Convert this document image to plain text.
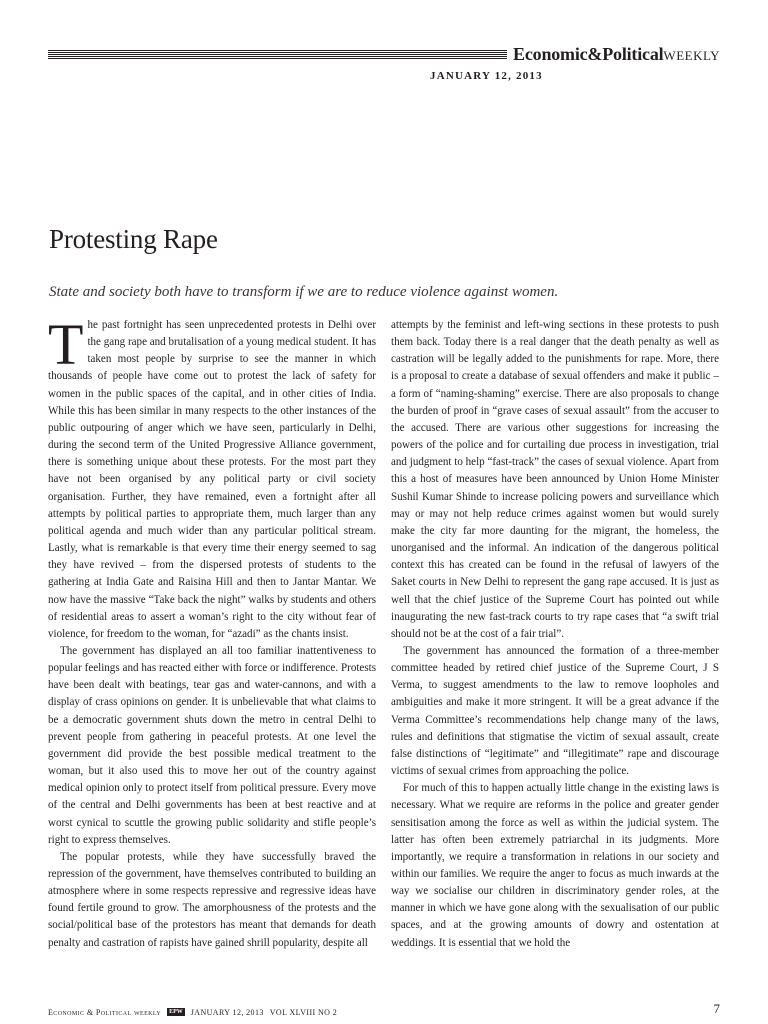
Economic&PoliticalWEEKLY
JANUARY 12, 2013
Protesting Rape

State and society both have to transform if we are to reduce violence against women.

The past fortnight has seen unprecedented protests in Delhi over the gang rape and brutalisation of a young medical student. It has taken most people by surprise to see the manner in which thousands of people have come out to protest the lack of safety for women in the public spaces of the capital, and in other cities of India. While this has been similar in many respects to the other instances of the public outpouring of anger which we have seen, particularly in Delhi, during the second term of the United Progressive Alliance government, there is something unique about these protests. For the most part they have not been organised by any political party or civil society organisation. Further, they have remained, even a fortnight after all attempts by political parties to appropriate them, much larger than any political agenda and much wider than any particular political stream. Lastly, what is remarkable is that every time their energy seemed to sag they have revived – from the dispersed protests of students to the gathering at India Gate and Raisina Hill and then to Jantar Mantar. We now have the massive “Take back the night” walks by students and others of residential areas to assert a woman’s right to the city without fear of violence, for freedom to the woman, for “azadi” as the chants insist.

The government has displayed an all too familiar inattentiveness to popular feelings and has reacted either with force or indifference. Protests have been dealt with beatings, tear gas and water-cannons, and with a display of crass opinions on gender. It is unbelievable that what claims to be a democratic government shuts down the metro in central Delhi to prevent people from gathering in peaceful protests. At one level the government did provide the best possible medical treatment to the woman, but it also used this to move her out of the country against medical opinion only to protect itself from political pressure. Every move of the central and Delhi governments has been at best reactive and at worst cynical to scuttle the growing public solidarity and stifle people’s right to express themselves.

The popular protests, while they have successfully braved the repression of the government, have themselves contributed to building an atmosphere where in some respects repressive and regressive ideas have found fertile ground to grow. The amorphousness of the protests and the social/political base of the protestors has meant that demands for death penalty and castration of rapists have gained shrill popularity, despite all

attempts by the feminist and left-wing sections in these protests to push them back. Today there is a real danger that the death penalty as well as castration will be legally added to the punishments for rape. More, there is a proposal to create a database of sexual offenders and make it public – a form of “naming-shaming” exercise. There are also proposals to change the burden of proof in “grave cases of sexual assault” from the accuser to the accused. There are various other suggestions for increasing the powers of the police and for curtailing due process in investigation, trial and judgment to help “fast-track” the cases of sexual violence. Apart from this a host of measures have been announced by Union Home Minister Sushil Kumar Shinde to increase policing powers and surveillance which may or may not help reduce crimes against women but would surely make the city far more daunting for the migrant, the homeless, the unorganised and the informal. An indication of the dangerous political context this has created can be found in the refusal of lawyers of the Saket courts in New Delhi to represent the gang rape accused. It is just as well that the chief justice of the Supreme Court has pointed out while inaugurating the new fast-track courts to try rape cases that “a swift trial should not be at the cost of a fair trial”.

The government has announced the formation of a three-member committee headed by retired chief justice of the Supreme Court, J S Verma, to suggest amendments to the law to remove loopholes and ambiguities and make it more stringent. It will be a great advance if the Verma Committee’s recommendations help change many of the laws, rules and definitions that stigmatise the victim of sexual assault, create false distinctions of “legitimate” and “illegitimate” rape and discourage victims of sexual crimes from approaching the police.

For much of this to happen actually little change in the existing laws is necessary. What we require are reforms in the police and greater gender sensitisation among the force as well as within the judicial system. The latter has often been extremely patriarchal in its judgments. More importantly, we require a transformation in relations in our society and within our families. We require the anger to focus as much inwards at the way we socialise our children in discriminatory gender roles, at the manner in which we have gone along with the sexualisation of our public spaces, and at the growing amounts of dowry and ostentation at weddings. It is essential that we hold the

Economic & Political weekly	EPW JANUARY 12, 2013 VOL XLVIII NO 2	7
